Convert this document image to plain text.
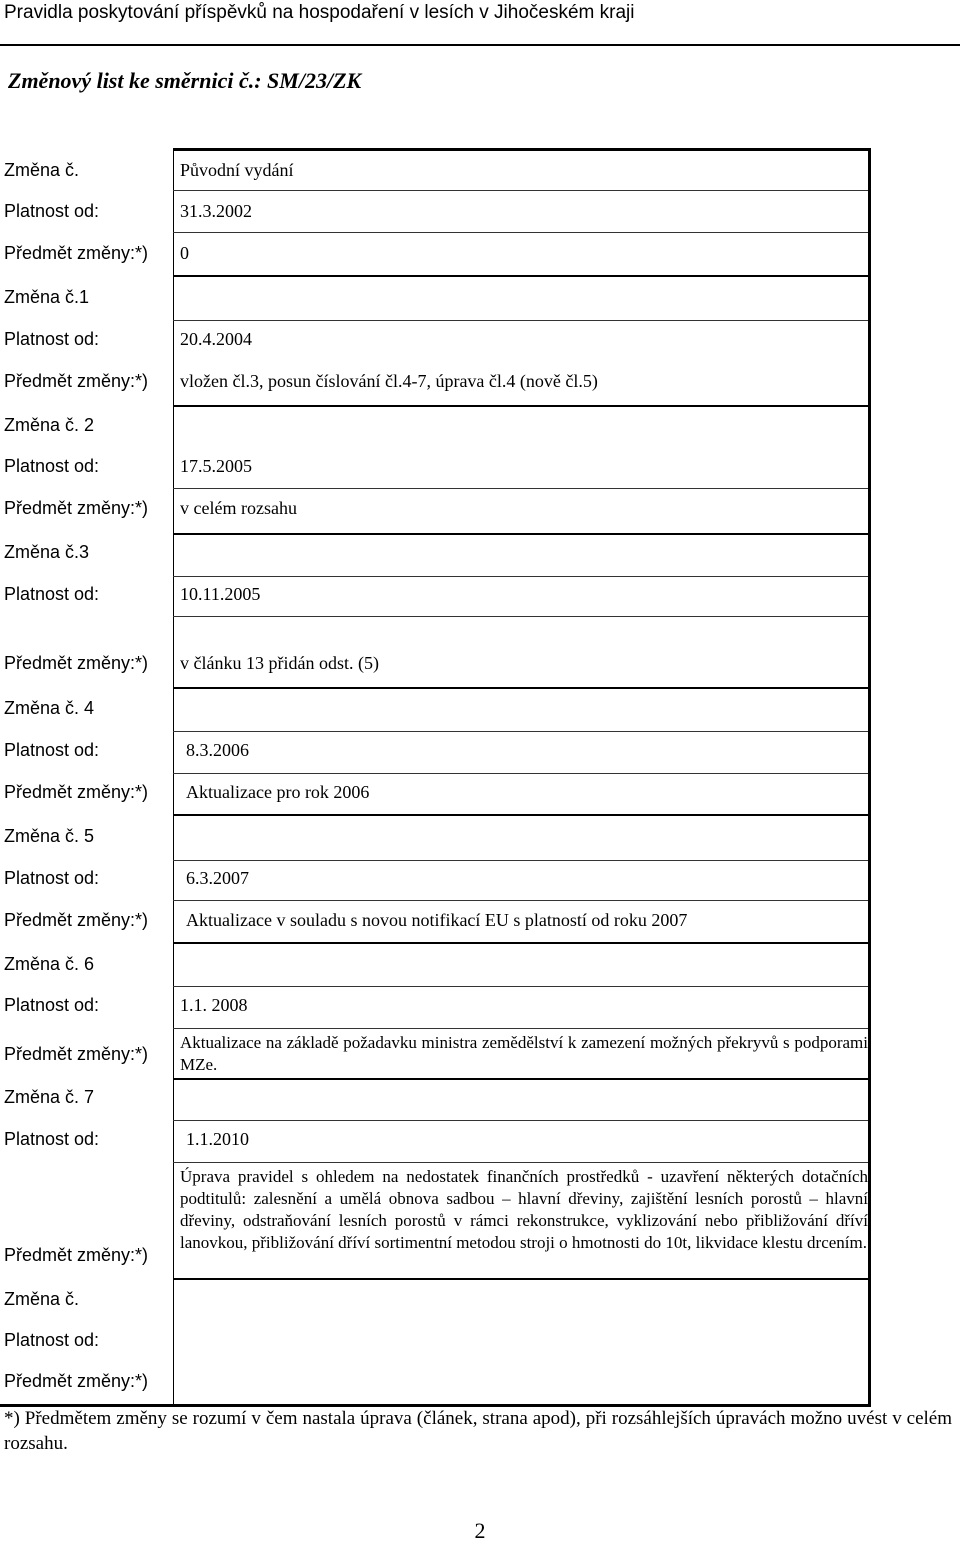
Pravidla poskytování příspěvků na hospodaření v lesích v Jihočeském kraji
Změnový list ke směrnici č.: SM/23/ZK
Změna č.
Platnost od:
Předmět změny:*)
Změna č.1
Platnost od:
Předmět změny:*)
Změna č. 2
Platnost od:
Předmět změny:*)
Změna č.3
Platnost od:
Předmět změny:*)
Změna č. 4
Platnost od:
Předmět změny:*)
Změna č. 5
Platnost od:
Předmět změny:*)
Změna č. 6
Platnost od:
Předmět změny:*)
Změna č. 7
Platnost od:
Předmět změny:*)
Změna č.
Platnost od:
Předmět změny:*)
Původní vydání
31.3.2002
0
20.4.2004
vložen čl.3, posun číslování čl.4-7, úprava čl.4 (nově čl.5)
17.5.2005
v celém rozsahu
10.11.2005
v článku 13 přidán odst. (5)
8.3.2006
Aktualizace pro rok 2006
6.3.2007
Aktualizace v souladu s novou notifikací EU s platností od roku 2007
1.1. 2008
Aktualizace na základě požadavku ministra zemědělství k zamezení možných překryvů s podporami MZe.
1.1.2010
Úprava pravidel s ohledem na nedostatek finančních prostředků - uzavření některých dotačních podtitulů: zalesnění a umělá obnova sadbou – hlavní dřeviny, zajištění lesních porostů – hlavní dřeviny, odstraňování lesních porostů v rámci rekonstrukce, vyklizování nebo přibližování dříví lanovkou, přibližování dříví sortimentní metodou stroji o hmotnosti do 10t, likvidace klestu drcením.
*) Předmětem změny se rozumí v čem nastala úprava (článek, strana apod), při rozsáhlejších úpravách možno uvést v celém rozsahu.
2
